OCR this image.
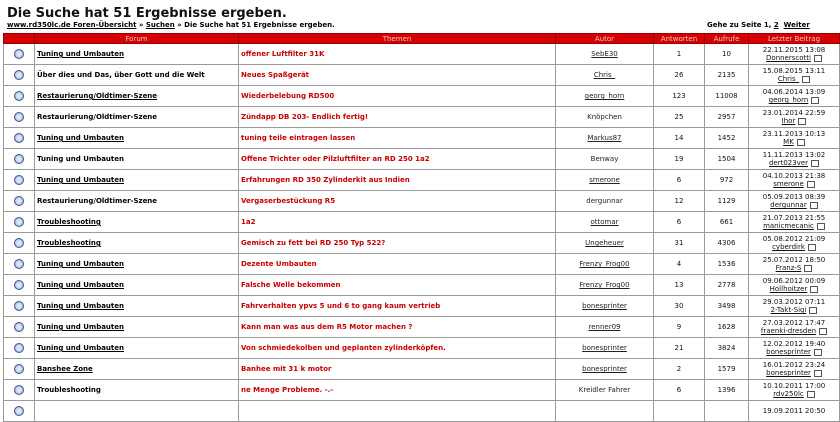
Die Suche hat 51 Ergebnisse ergeben.
www.rd350lc.de Foren-Übersicht » Suchen » Die Suche hat 51 Ergebnisse ergeben.	Gehe zu Seite 1, 2 Weiter
	Forum	Themen	Autor	Antworten	Aufrufe	Letzter Beitrag
	Tuning und Umbauten	offener Luftfilter 31K	SebE30	1	10	22.11.2015 13:08
Donnerscotti

	Über dies und Das, über Gott und die Welt	Neues Spaßgerät	Chris_	26	2135	15.08.2015 13:11
Chris_

	Restaurierung/Oldtimer-Szene	Wiederbelebung RD500	georg_horn	123	11008	04.06.2014 13:09
georg_horn

	Restaurierung/Oldtimer-Szene	Zündapp DB 203- Endlich fertig!	Knöpchen	25	2957	23.01.2014 22:59
Ihor

	Tuning und Umbauten	tuning teile eintragen lassen	Markus87	14	1452	23.11.2013 10:13
MK

	Tuning und Umbauten	Offene Trichter oder Pilzluftfilter an RD 250 1a2	Benway	19	1504	11.11.2013 13:02
dert023ver

	Tuning und Umbauten	Erfahrungen RD 350 Zylinderkit aus Indien	smerone	6	972	04.10.2013 21:38
smerone

	Restaurierung/Oldtimer-Szene	Vergaserbestückung R5	dergunnar	12	1129	05.09.2013 08:39
dergunnar

	Troubleshooting	1a2	ottomar	6	661	21.07.2013 21:55
manicmecanic

	Troubleshooting	Gemisch zu fett bei RD 250 Typ 522?	Ungeheuer	31	4306	05.08.2012 21:09
cyberdirk

	Tuning und Umbauten	Dezente Umbauten	Frenzy_Frog00	4	1536	25.07.2012 18:50
Franz-S

	Tuning und Umbauten	Falsche Welle bekommen	Frenzy_Frog00	13	2778	09.06.2012 00:09
Hollhoitzer

	Tuning und Umbauten	Fahrverhalten ypvs 5 und 6 to gang kaum vertrieb	bonesprinter	30	3498	29.03.2012 07:11
2-Takt-Sigi

	Tuning und Umbauten	Kann man was aus dem R5 Motor machen ?	renner09	9	1628	27.03.2012 17:47
fraenki-dresden

	Tuning und Umbauten	Von schmiedekolben und geplanten zylinderköpfen.	bonesprinter	21	3824	12.02.2012 19:40
bonesprinter

	Banshee Zone	Banhee mit 31 k motor	bonesprinter	2	1579	16.01.2012 23:24
bonesprinter

	Troubleshooting	ne Menge Probleme. -.-	Kreidler Fahrer	6	1396	10.10.2011 17:00
rdv250lc

						19.09.2011 20:50
